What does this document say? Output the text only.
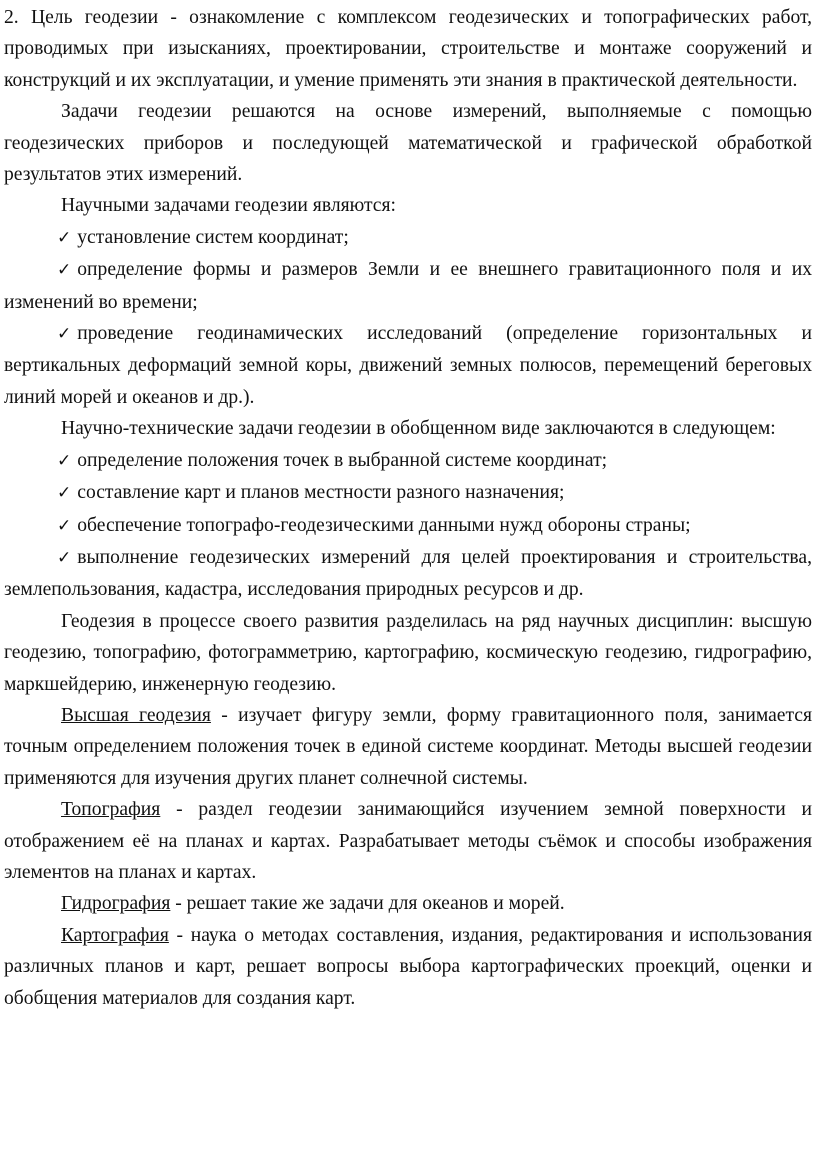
2. Цель геодезии - ознакомление с комплексом геодезических и топографических работ, проводимых при изысканиях, проектировании, строительстве и монтаже сооружений и конструкций и их эксплуатации, и умение применять эти знания в практической деятельности.

Задачи геодезии решаются на основе измерений, выполняемые с помощью геодезических приборов и последующей математической и графической обработкой результатов этих измерений.

Научными задачами геодезии являются:

✓ установление систем координат;

✓ определение формы и размеров Земли и ее внешнего гравитационного поля и их изменений во времени;

✓ проведение геодинамических исследований (определение горизонтальных и вертикальных деформаций земной коры, движений земных полюсов, перемещений береговых линий морей и океанов и др.).

Научно-технические задачи геодезии в обобщенном виде заключаются в следующем:

✓ определение положения точек в выбранной системе координат;

✓ составление карт и планов местности разного назначения;

✓ обеспечение топографо-геодезическими данными нужд обороны страны;

✓ выполнение геодезических измерений для целей проектирования и строительства, землепользования, кадастра, исследования природных ресурсов и др.

Геодезия в процессе своего развития разделилась на ряд научных дисциплин: высшую геодезию, топографию, фотограмметрию, картографию, космическую геодезию, гидрографию, маркшейдерию, инженерную геодезию.

Высшая геодезия - изучает фигуру земли, форму гравитационного поля, занимается точным определением положения точек в единой системе координат. Методы высшей геодезии применяются для изучения других планет солнечной системы.

Топография - раздел геодезии занимающийся изучением земной поверхности и отображением её на планах и картах. Разрабатывает методы съёмок и способы изображения элементов на планах и картах.

Гидрография - решает такие же задачи для океанов и морей.

Картография - наука о методах составления, издания, редактирования и использования различных планов и карт, решает вопросы выбора картографических проекций, оценки и обобщения материалов для создания карт.
